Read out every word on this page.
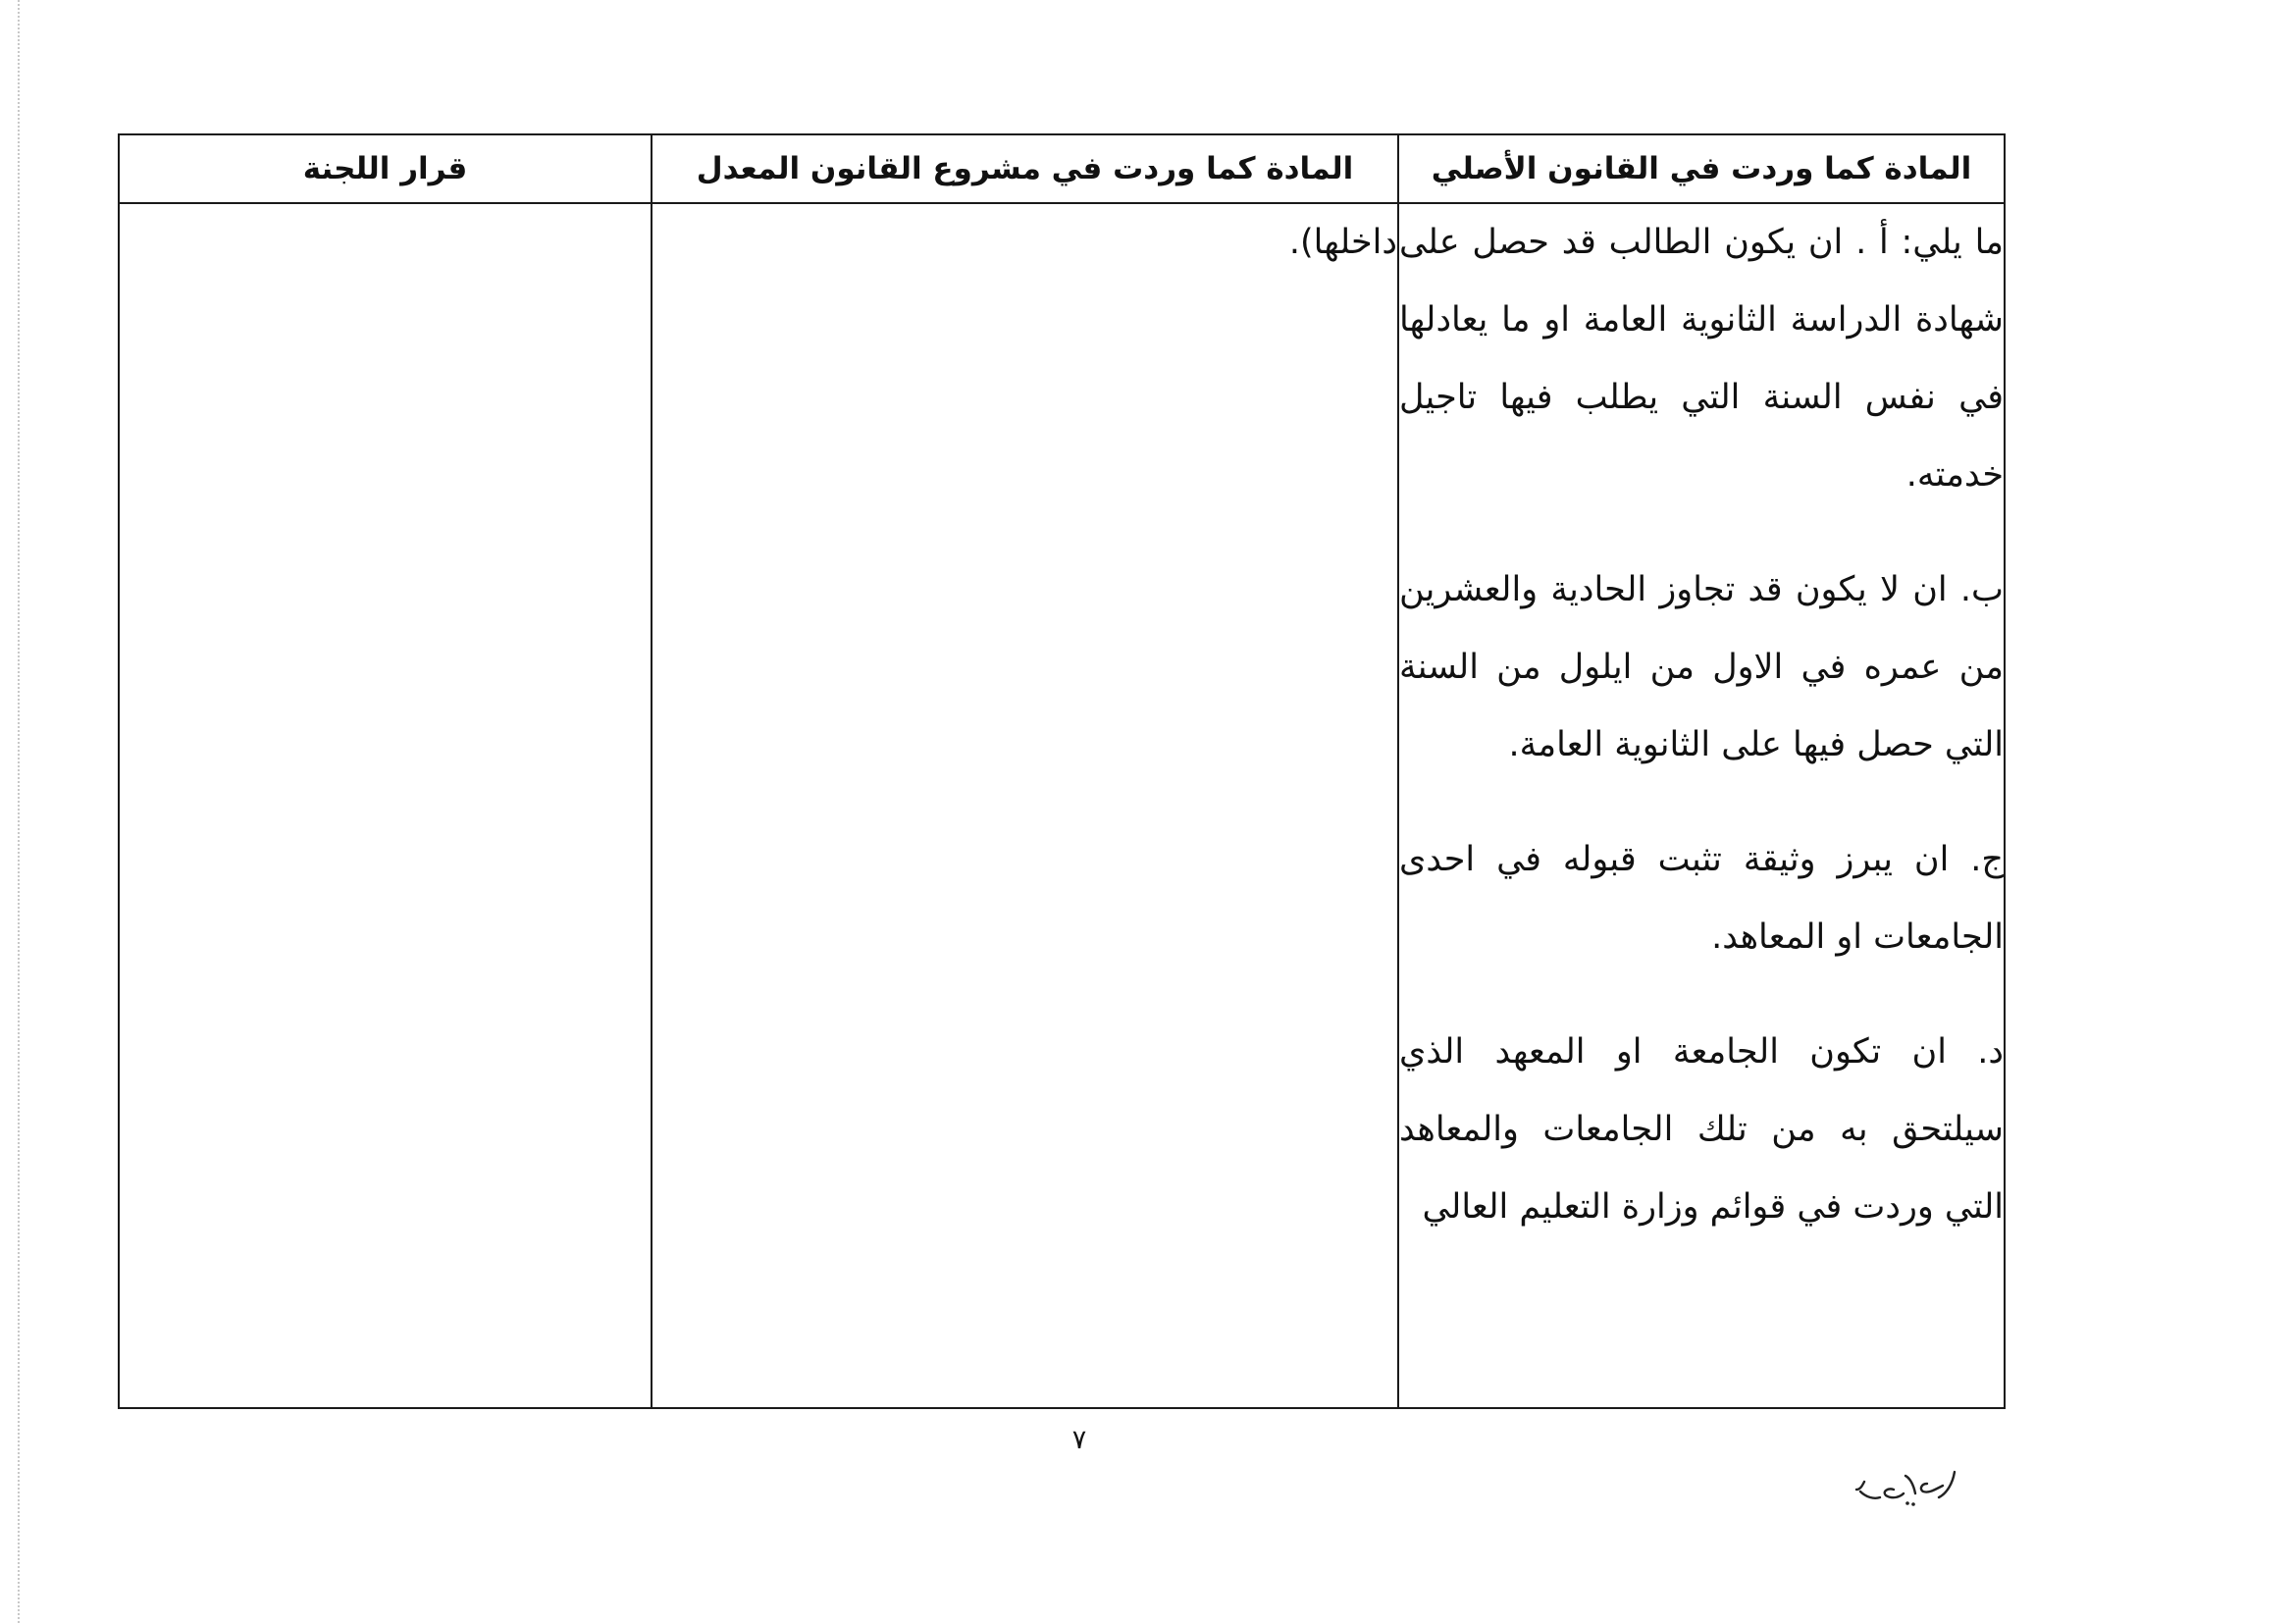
المادة كما وردت في القانون الأصلي	المادة كما وردت في مشروع القانون المعدل	قرار اللجنة

ما يلي: أ . ان يكون الطالب قد حصل على شهادة الدراسة الثانوية العامة او ما يعادلها في نفس السنة التي يطلب فيها تاجيل خدمته.

ب. ان لا يكون قد تجاوز الحادية والعشرين من عمره في الاول من ايلول من السنة التي حصل فيها على الثانوية العامة.

ج. ان يبرز وثيقة تثبت قبوله في احدى الجامعات او المعاهد.

د. ان تكون الجامعة او المعهد الذي سيلتحق به من تلك الجامعات والمعاهد التي وردت في قوائم وزارة التعليم العالي	داخلها).	
٧
